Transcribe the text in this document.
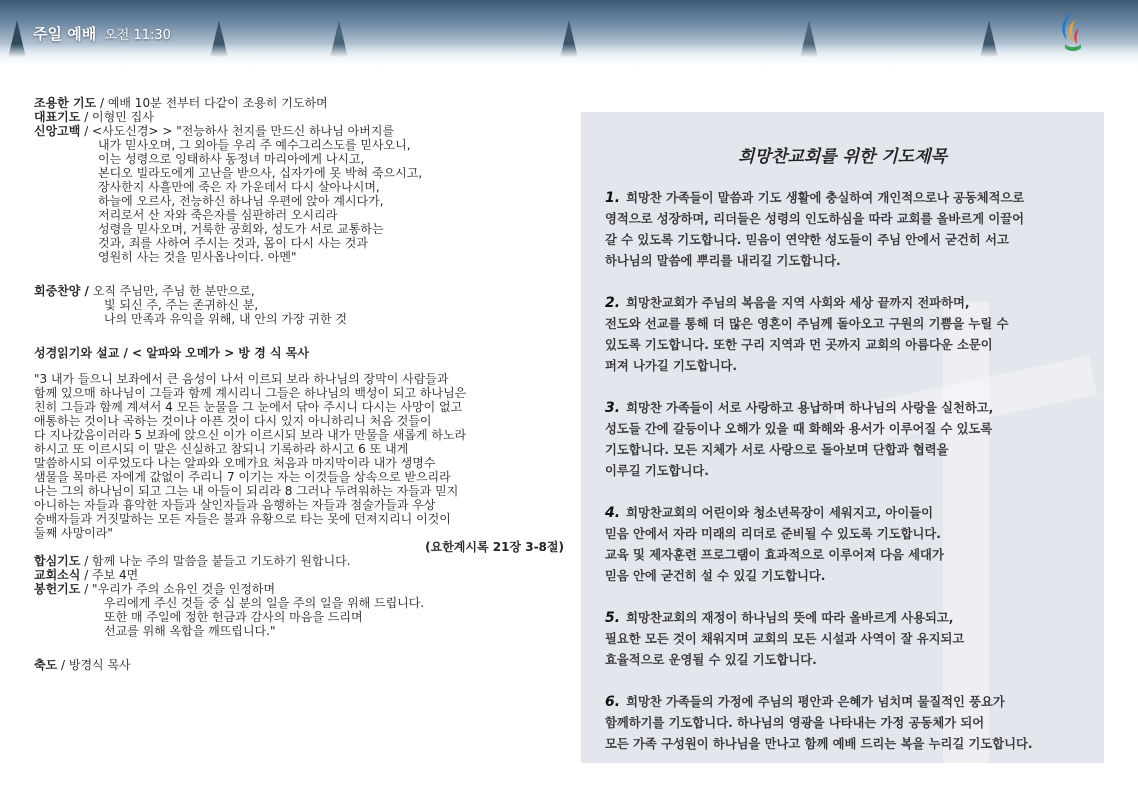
주일 예배 오전 11:30

조용한 기도 / 예배 10분 전부터 다같이 조용히 기도하며

대표기도 / 이형민 집사

신앙고백 / <사도신경> > "전능하사 천지를 만드신 하나님 아버지를

내가 믿사오며, 그 외아들 우리 주 예수그리스도를 믿사오니,

이는 성령으로 잉태하사 동정녀 마리아에게 나시고,

본디오 빌라도에게 고난을 받으사, 십자가에 못 박혀 죽으시고,

장사한지 사흘만에 죽은 자 가운데서 다시 살아나시며,

하늘에 오르사, 전능하신 하나님 우편에 앉아 계시다가,

저리로서 산 자와 죽은자를 심판하러 오시리라

성령을 믿사오며, 거룩한 공회와, 성도가 서로 교통하는

것과, 죄를 사하여 주시는 것과, 몸이 다시 사는 것과

영원히 사는 것을 믿사옵나이다. 아멘"

회중찬양 / 오직 주님만, 주님 한 분만으로,

빛 되신 주, 주는 존귀하신 분,

나의 만족과 유익을 위해, 내 안의 가장 귀한 것

성경읽기와 설교 / < 알파와 오메가 > 방 경 식 목사

"3 내가 들으니 보좌에서 큰 음성이 나서 이르되 보라 하나님의 장막이 사람들과

함께 있으매 하나님이 그들과 함께 계시리니 그들은 하나님의 백성이 되고 하나님은

친히 그들과 함께 계셔서 4 모든 눈물을 그 눈에서 닦아 주시니 다시는 사망이 없고

애통하는 것이나 곡하는 것이나 아픈 것이 다시 있지 아니하리니 처음 것들이

다 지나갔음이러라 5 보좌에 앉으신 이가 이르시되 보라 내가 만물을 새롭게 하노라

하시고 또 이르시되 이 말은 신실하고 참되니 기록하라 하시고 6 또 내게

말씀하시되 이루었도다 나는 알파와 오메가요 처음과 마지막이라 내가 생명수

샘물을 목마른 자에게 값없이 주리니 7 이기는 자는 이것들을 상속으로 받으리라

나는 그의 하나님이 되고 그는 내 아들이 되리라 8 그러나 두려워하는 자들과 믿지

아니하는 자들과 흉악한 자들과 살인자들과 음행하는 자들과 점술가들과 우상

숭배자들과 거짓말하는 모든 자들은 불과 유황으로 타는 못에 던져지리니 이것이

둘째 사망이라"

(요한계시록 21장 3-8절)

합심기도 / 함께 나눈 주의 말씀을 붙들고 기도하기 원합니다.

교회소식 / 주보 4면

봉헌기도 / "우리가 주의 소유인 것을 인정하며

우리에게 주신 것들 중 십 분의 일을 주의 일을 위해 드립니다.

또한 매 주일에 정한 헌금과 감사의 마음을 드리며

선교를 위해 옥합을 깨뜨립니다."

축도 / 방경식 목사

희망찬교회를 위한 기도제목
1. 희망찬 가족들이 말씀과 기도 생활에 충실하여 개인적으로나 공동체적으로
영적으로 성장하며, 리더들은 성령의 인도하심을 따라 교회를 올바르게 이끌어
갈 수 있도록 기도합니다. 믿음이 연약한 성도들이 주님 안에서 굳건히 서고
하나님의 말씀에 뿌리를 내리길 기도합니다.
2. 희망찬교회가 주님의 복음을 지역 사회와 세상 끝까지 전파하며,
전도와 선교를 통해 더 많은 영혼이 주님께 돌아오고 구원의 기쁨을 누릴 수
있도록 기도합니다. 또한 구리 지역과 먼 곳까지 교회의 아름다운 소문이
퍼져 나가길 기도합니다.
3. 희망찬 가족들이 서로 사랑하고 용납하며 하나님의 사랑을 실천하고,
성도들 간에 갈등이나 오해가 있을 때 화해와 용서가 이루어질 수 있도록
기도합니다. 모든 지체가 서로 사랑으로 돌아보며 단합과 협력을
이루길 기도합니다.
4. 희망찬교회의 어린이와 청소년목장이 세워지고, 아이들이
믿음 안에서 자라 미래의 리더로 준비될 수 있도록 기도합니다.
교육 및 제자훈련 프로그램이 효과적으로 이루어져 다음 세대가
믿음 안에 굳건히 설 수 있길 기도합니다.
5. 희망찬교회의 재정이 하나님의 뜻에 따라 올바르게 사용되고,
필요한 모든 것이 채워지며 교회의 모든 시설과 사역이 잘 유지되고
효율적으로 운영될 수 있길 기도합니다.
6. 희망찬 가족들의 가정에 주님의 평안과 은혜가 넘치며 물질적인 풍요가
함께하기를 기도합니다. 하나님의 영광을 나타내는 가정 공동체가 되어
모든 가족 구성원이 하나님을 만나고 함께 예배 드리는 복을 누리길 기도합니다.
